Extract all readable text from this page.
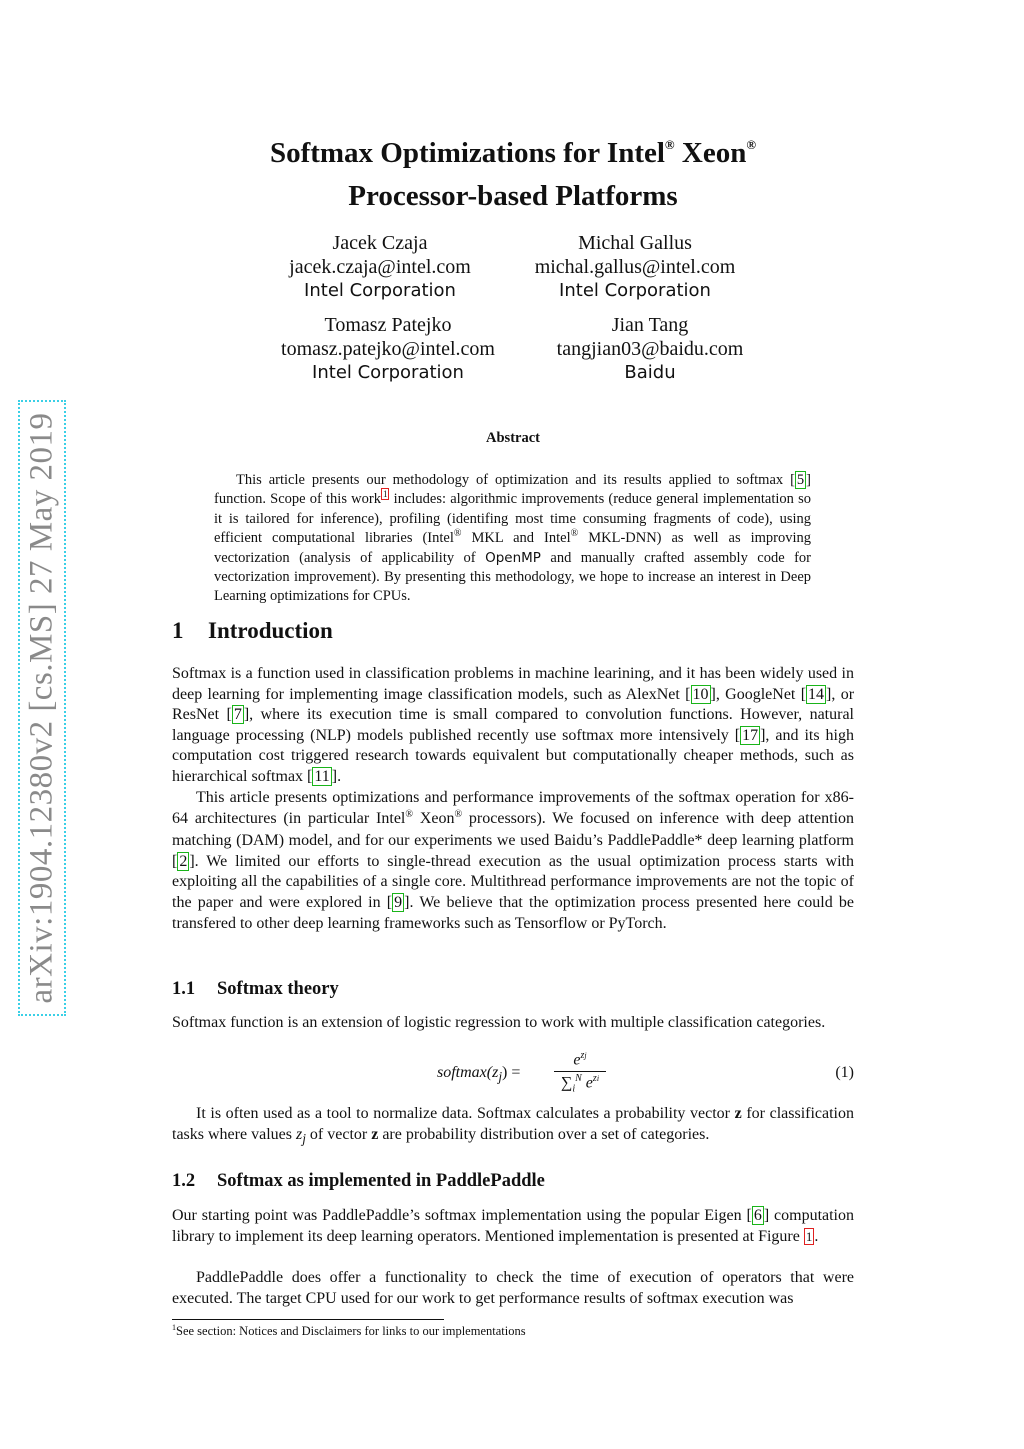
arXiv:1904.12380v2 [cs.MS] 27 May 2019
Softmax Optimizations for Intel® Xeon®
Processor-based Platforms
Jacek Czaja
jacek.czaja@intel.com
Intel Corporation
Michal Gallus
michal.gallus@intel.com
Intel Corporation
Tomasz Patejko
tomasz.patejko@intel.com
Intel Corporation
Jian Tang
tangjian03@baidu.com
Baidu
Abstract

This article presents our methodology of optimization and its results applied to softmax [ 5 ] function. Scope of this work $^1$ includes: algorithmic improvements (reduce general implementation so it is tailored for inference), profiling (identifing most time consuming fragments of code), using efficient computational libraries (Intel® MKL and Intel® MKL-DNN) as well as improving vectorization (analysis of applicability of OpenMP and manually crafted assembly code for vectorization improvement). By presenting this methodology, we hope to increase an interest in Deep Learning optimizations for CPUs.

1 Introduction

Softmax is a function used in classification problems in machine learining, and it has been widely used in deep learning for implementing image classification models, such as AlexNet [ 10 ], GoogleNet [ 14 ], or ResNet [ 7 ], where its execution time is small compared to convolution functions. However, natural language processing (NLP) models published recently use softmax more intensively [ 17 ], and its high computation cost triggered research towards equivalent but computationally cheaper methods, such as hierarchical softmax [ 11 ].

This article presents optimizations and performance improvements of the softmax operation for x86-64 architectures (in particular Intel® Xeon® processors). We focused on inference with deep attention matching (DAM) model, and for our experiments we used Baidu’s PaddlePaddle* deep learning platform [ 2 ]. We limited our efforts to single-thread execution as the usual optimization process starts with exploiting all the capabilities of a single core. Multithread performance improvements are not the topic of the paper and were explored in [ 9 ]. We believe that the optimization process presented here could be transfered to other deep learning frameworks such as Tensorflow or PyTorch.

1.1 Softmax theory

Softmax function is an extension of logistic regression to work with multiple classification categories.

$softmax(z_j)$ =
$e^{zj}$
$\sum_i^N$ $e^{zi}$	(1)

It is often used as a tool to normalize data. Softmax calculates a probability vector z for classification tasks where values $z_j$ of vector z are probability distribution over a set of categories.

1.2 Softmax as implemented in PaddlePaddle

Our starting point was PaddlePaddle’s softmax implementation using the popular Eigen [ 6 ] computation library to implement its deep learning operators. Mentioned implementation is presented at Figure 1 .

PaddlePaddle does offer a functionality to check the time of execution of operators that were executed. The target CPU used for our work to get performance results of softmax execution was

$^1$See section: Notices and Disclaimers for links to our implementations
